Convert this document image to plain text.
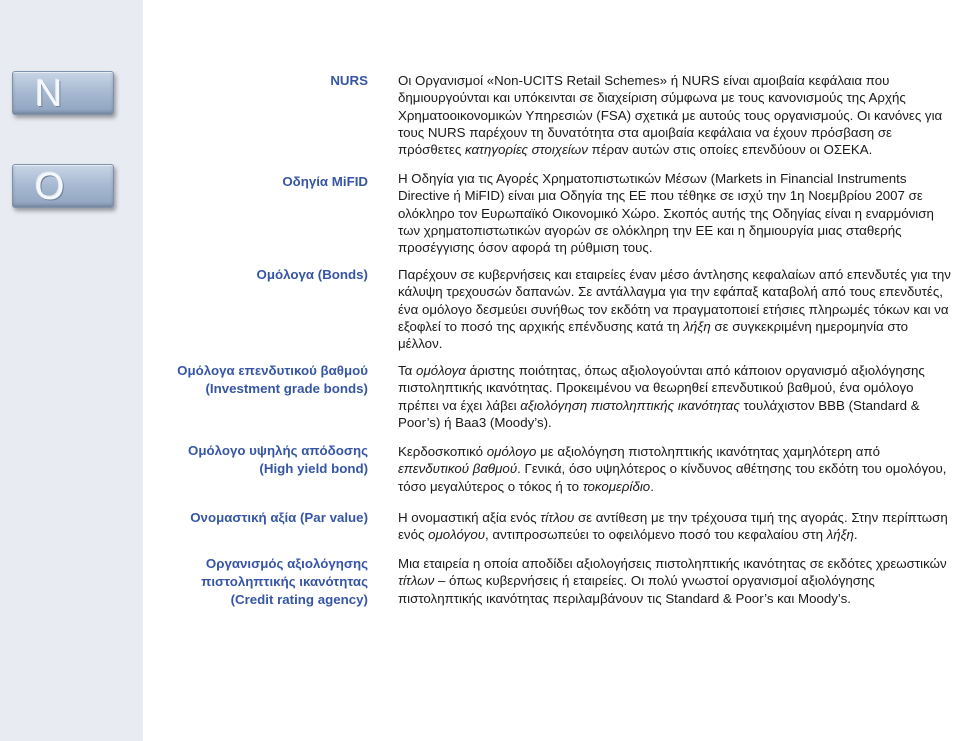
N
O
NURS
Οδηγία MiFID
Ομόλογα (Bonds)
Ομόλογα επενδυτικού βαθμού
(Investment grade bonds)
Ομόλογο υψηλής απόδοσης
(High yield bond)
Ονομαστική αξία (Par value)
Οργανισμός αξιολόγησης
πιστοληπτικής ικανότητας
(Credit rating agency)
Οι Οργανισμοί «Non-UCITS Retail Schemes» ή NURS είναι αμοιβαία κεφάλαια που δημιουργούνται και υπόκεινται σε διαχείριση σύμφωνα με τους κανονισμούς της Αρχής Χρηματοοικονομικών Υπηρεσιών (FSA) σχετικά με αυτούς τους οργανισμούς. Οι κανόνες για τους NURS παρέχουν τη δυνατότητα στα αμοιβαία κεφάλαια να έχουν πρόσβαση σε πρόσθετες κατηγορίες στοιχείων πέραν αυτών στις οποίες επενδύουν οι ΟΣΕΚΑ.
Η Οδηγία για τις Αγορές Χρηματοπιστωτικών Μέσων (Markets in Financial Instruments Directive ή MiFID) είναι μια Οδηγία της ΕΕ που τέθηκε σε ισχύ την 1η Νοεμβρίου 2007 σε ολόκληρο τον Ευρωπαϊκό Οικονομικό Χώρο. Σκοπός αυτής της Οδηγίας είναι η εναρμόνιση των χρηματοπιστωτικών αγορών σε ολόκληρη την ΕΕ και η δημιουργία μιας σταθερής προσέγγισης όσον αφορά τη ρύθμιση τους.
Παρέχουν σε κυβερνήσεις και εταιρείες έναν μέσο άντλησης κεφαλαίων από επενδυτές για την κάλυψη τρεχουσών δαπανών. Σε αντάλλαγμα για την εφάπαξ καταβολή από τους επενδυτές, ένα ομόλογο δεσμεύει συνήθως τον εκδότη να πραγματοποιεί ετήσιες πληρωμές τόκων και να εξοφλεί το ποσό της αρχικής επένδυσης κατά τη λήξη σε συγκεκριμένη ημερομηνία στο μέλλον.
Τα ομόλογα άριστης ποιότητας, όπως αξιολογούνται από κάποιον οργανισμό αξιολόγησης πιστοληπτικής ικανότητας. Προκειμένου να θεωρηθεί επενδυτικού βαθμού, ένα ομόλογο πρέπει να έχει λάβει αξιολόγηση πιστοληπτικής ικανότητας τουλάχιστον BBB (Standard & Poor’s) ή Baa3 (Moody’s).
Κερδοσκοπικό ομόλογο με αξιολόγηση πιστοληπτικής ικανότητας χαμηλότερη από επενδυτικού βαθμού. Γενικά, όσο υψηλότερος ο κίνδυνος αθέτησης του εκδότη του ομολόγου, τόσο μεγαλύτερος ο τόκος ή το τοκομερίδιο.
Η ονομαστική αξία ενός τίτλου σε αντίθεση με την τρέχουσα τιμή της αγοράς. Στην περίπτωση ενός ομολόγου, αντιπροσωπεύει το οφειλόμενο ποσό του κεφαλαίου στη λήξη.
Μια εταιρεία η οποία αποδίδει αξιολογήσεις πιστοληπτικής ικανότητας σε εκδότες χρεωστικών τίτλων – όπως κυβερνήσεις ή εταιρείες. Οι πολύ γνωστοί οργανισμοί αξιολόγησης πιστοληπτικής ικανότητας περιλαμβάνουν τις Standard & Poor’s και Moody’s.
